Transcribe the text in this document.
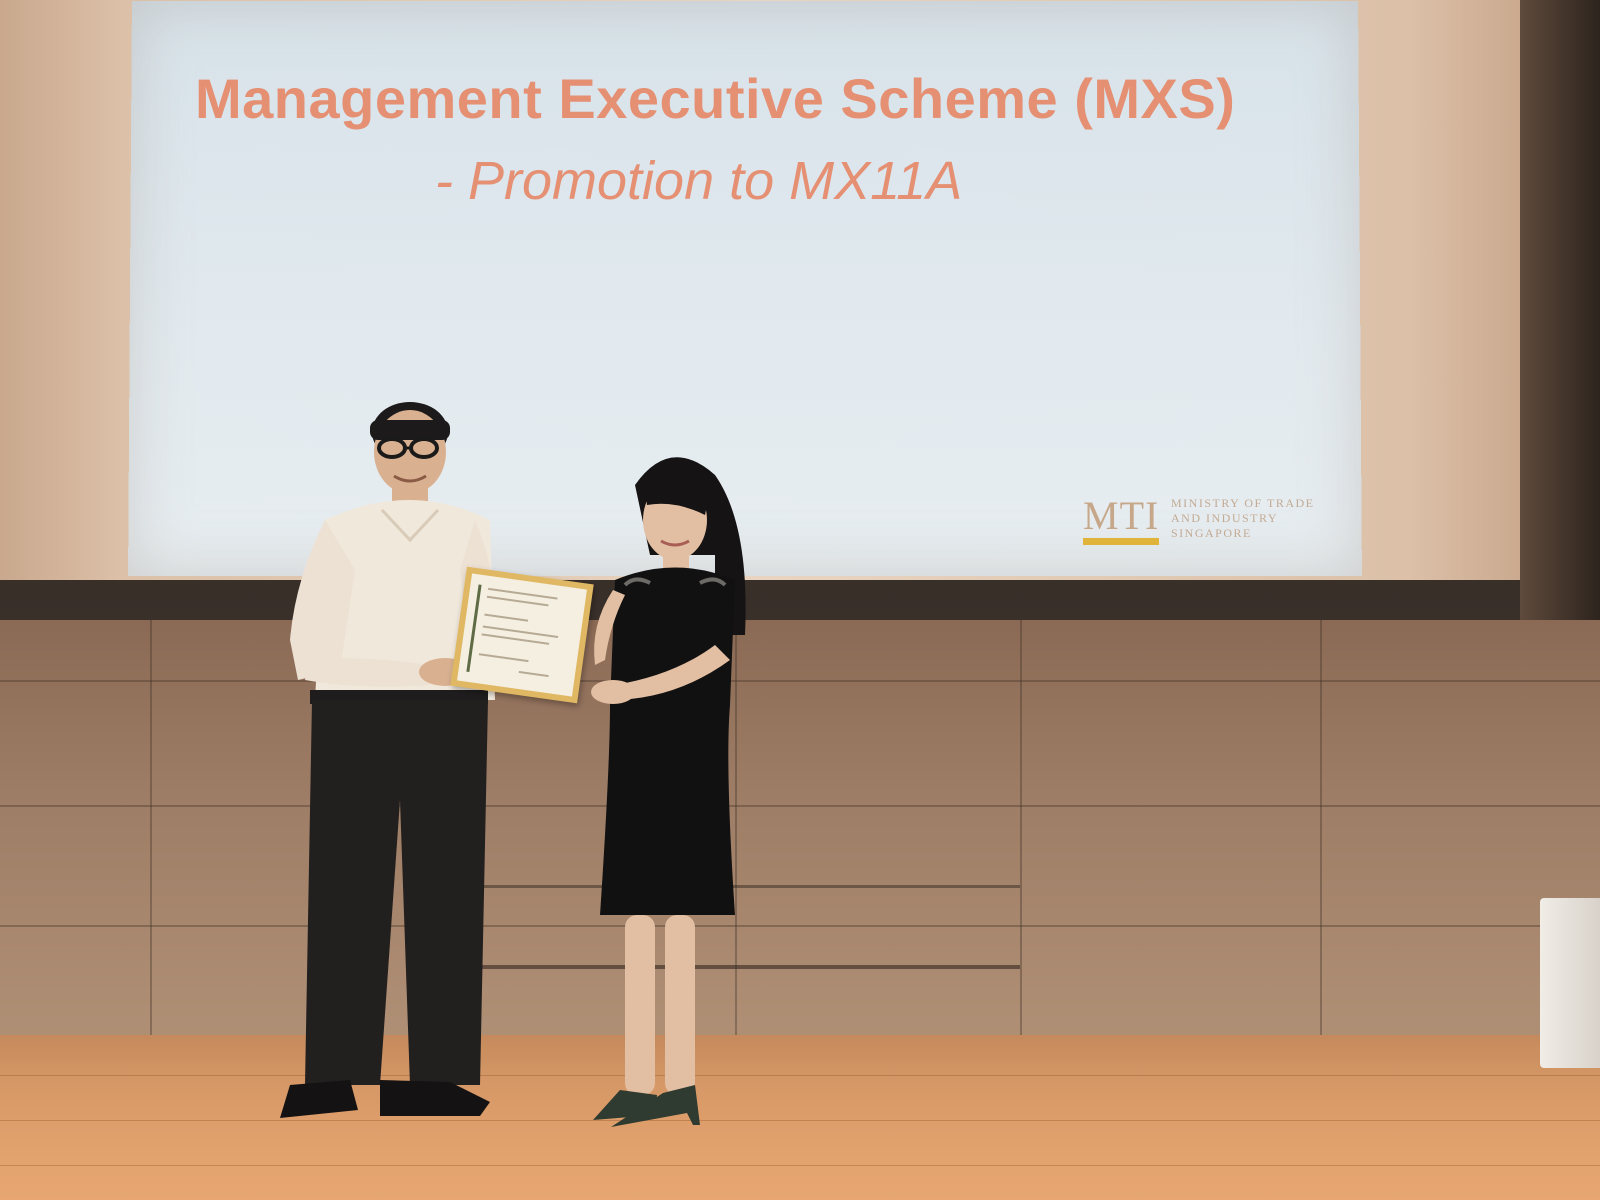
Management Executive Scheme (MXS)
- Promotion to MX11A
MTI MINISTRY OF TRADE
AND INDUSTRY
SINGAPORE
